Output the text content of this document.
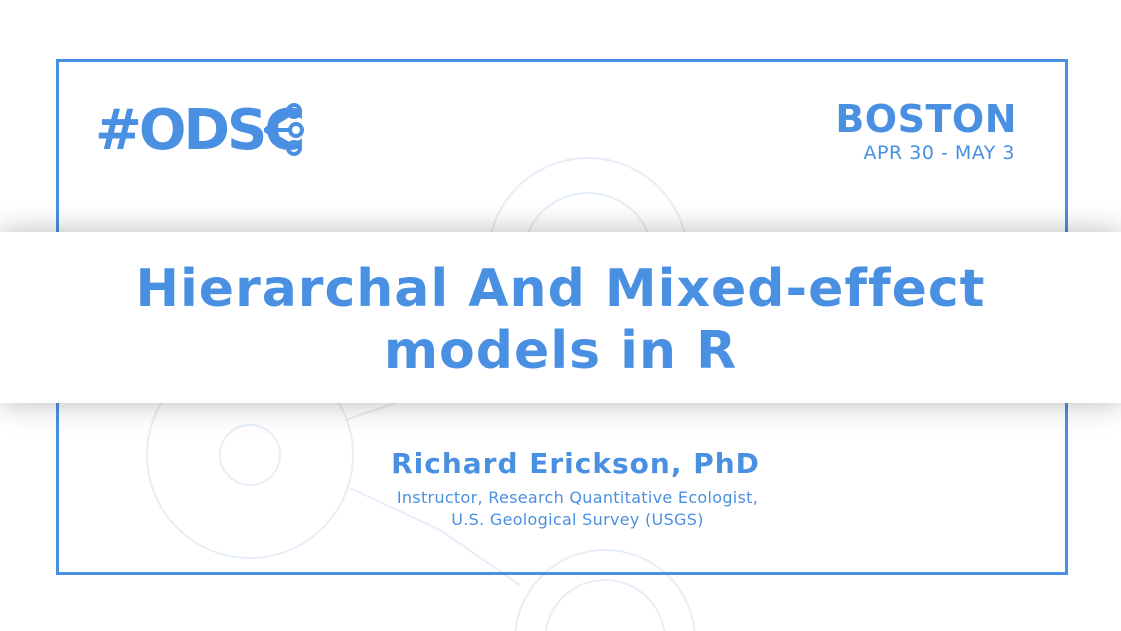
#ODSC	BOSTON
APR 30 - MAY 3
Hierarchal And Mixed-effect
models in R
Richard Erickson, PhD
Instructor, Research Quantitative Ecologist,
U.S. Geological Survey (USGS)
